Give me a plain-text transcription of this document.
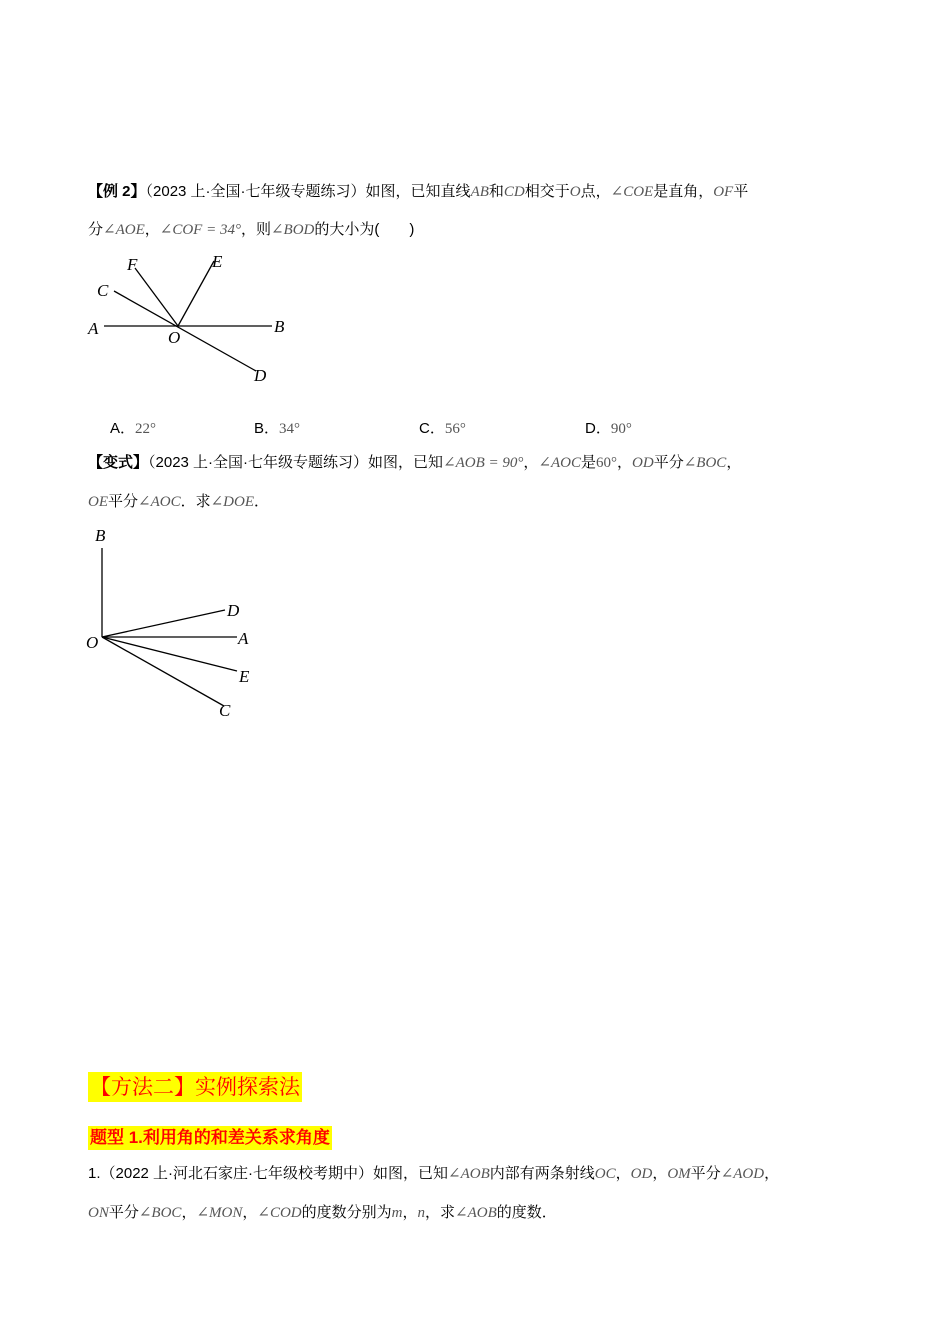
【例 2】（2023 上·全国·七年级专题练习）如图，已知直线AB和CD相交于O点，∠COE是直角，OF平
分∠AOE，∠COF = 34°，则∠BOD的大小为(　　)
A	B
C
D
E
F
O
A．22°	B．34°	C．56°	D．90°
【变式】（2023 上·全国·七年级专题练习）如图，已知∠AOB = 90°，∠AOC是60°，OD平分∠BOC，
OE平分∠AOC．求∠DOE．
B
A
D
E
C
O
【方法二】实例探索法
题型 1.利用角的和差关系求角度
1.（2022 上·河北石家庄·七年级校考期中）如图，已知∠AOB内部有两条射线OC，OD，OM平分∠AOD，
ON平分∠BOC，∠MON，∠COD的度数分别为m，n，求∠AOB的度数．
